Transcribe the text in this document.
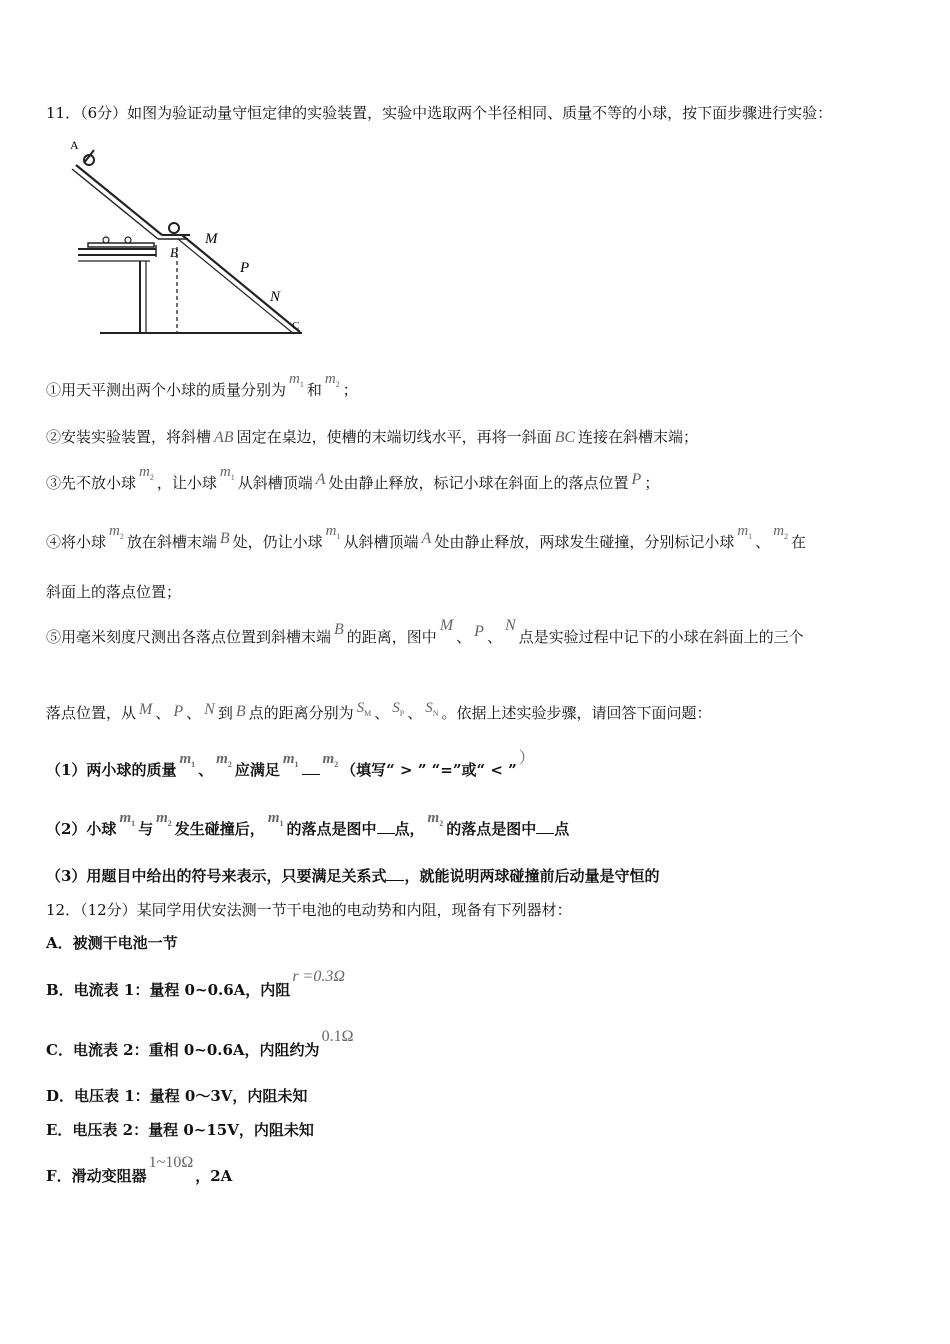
11．（6分）如图为验证动量守恒定律的实验装置，实验中选取两个半径相同、质量不等的小球，按下面步骤进行实验：
A
B
M
P
N
C
①用天平测出两个小球的质量分别为$m_1$ 和$m_2$ ；
②安装实验装置，将斜槽 AB 固定在桌边，使槽的末端切线水平，再将一斜面 BC 连接在斜槽末端；
③先不放小球$m_2$ ，让小球$m_1$ 从斜槽顶端 A 处由静止释放，标记小球在斜面上的落点位置 P ；
④将小球$m_2$ 放在斜槽末端 B 处，仍让小球$m_1$ 从斜槽顶端 A 处由静止释放，两球发生碰撞，分别标记小球$m_1$ 、$m_2$ 在
斜面上的落点位置；
⑤用毫米刻度尺测出各落点位置到斜槽末端 B 的距离，图中M、 P 、N点是实验过程中记下的小球在斜面上的三个
落点位置，从 M 、 P 、 N 到 B 点的距离分别为 $S_M$ 、 $S_P$ 、 $S_N$ 。依据上述实验步骤，请回答下面问题：
（1）两小球的质量$m_1$ 、$m_2$ 应满足$m_1$ $m_2$ （填写“ > ” “=”或“ < ”）
（2）小球$m_1$ 与$m_2$ 发生碰撞后，$m_1$ 的落点是图中 点，$m_2$ 的落点是图中 点
（3）用题目中给出的符号来表示，只要满足关系式 ，就能说明两球碰撞前后动量是守恒的
12．（12分）某同学用伏安法测一节干电池的电动势和内阻，现备有下列器材：
A．被测干电池一节
B．电流表 1：量程 0~0.6A，内阻r =0.3Ω
C．电流表 2：重相 0~0.6A，内阻约为0.1Ω
D．电压表 1：量程 0～3V，内阻未知
E．电压表 2：量程 0~15V，内阻未知
F．滑动变阻器1~10Ω，2A
